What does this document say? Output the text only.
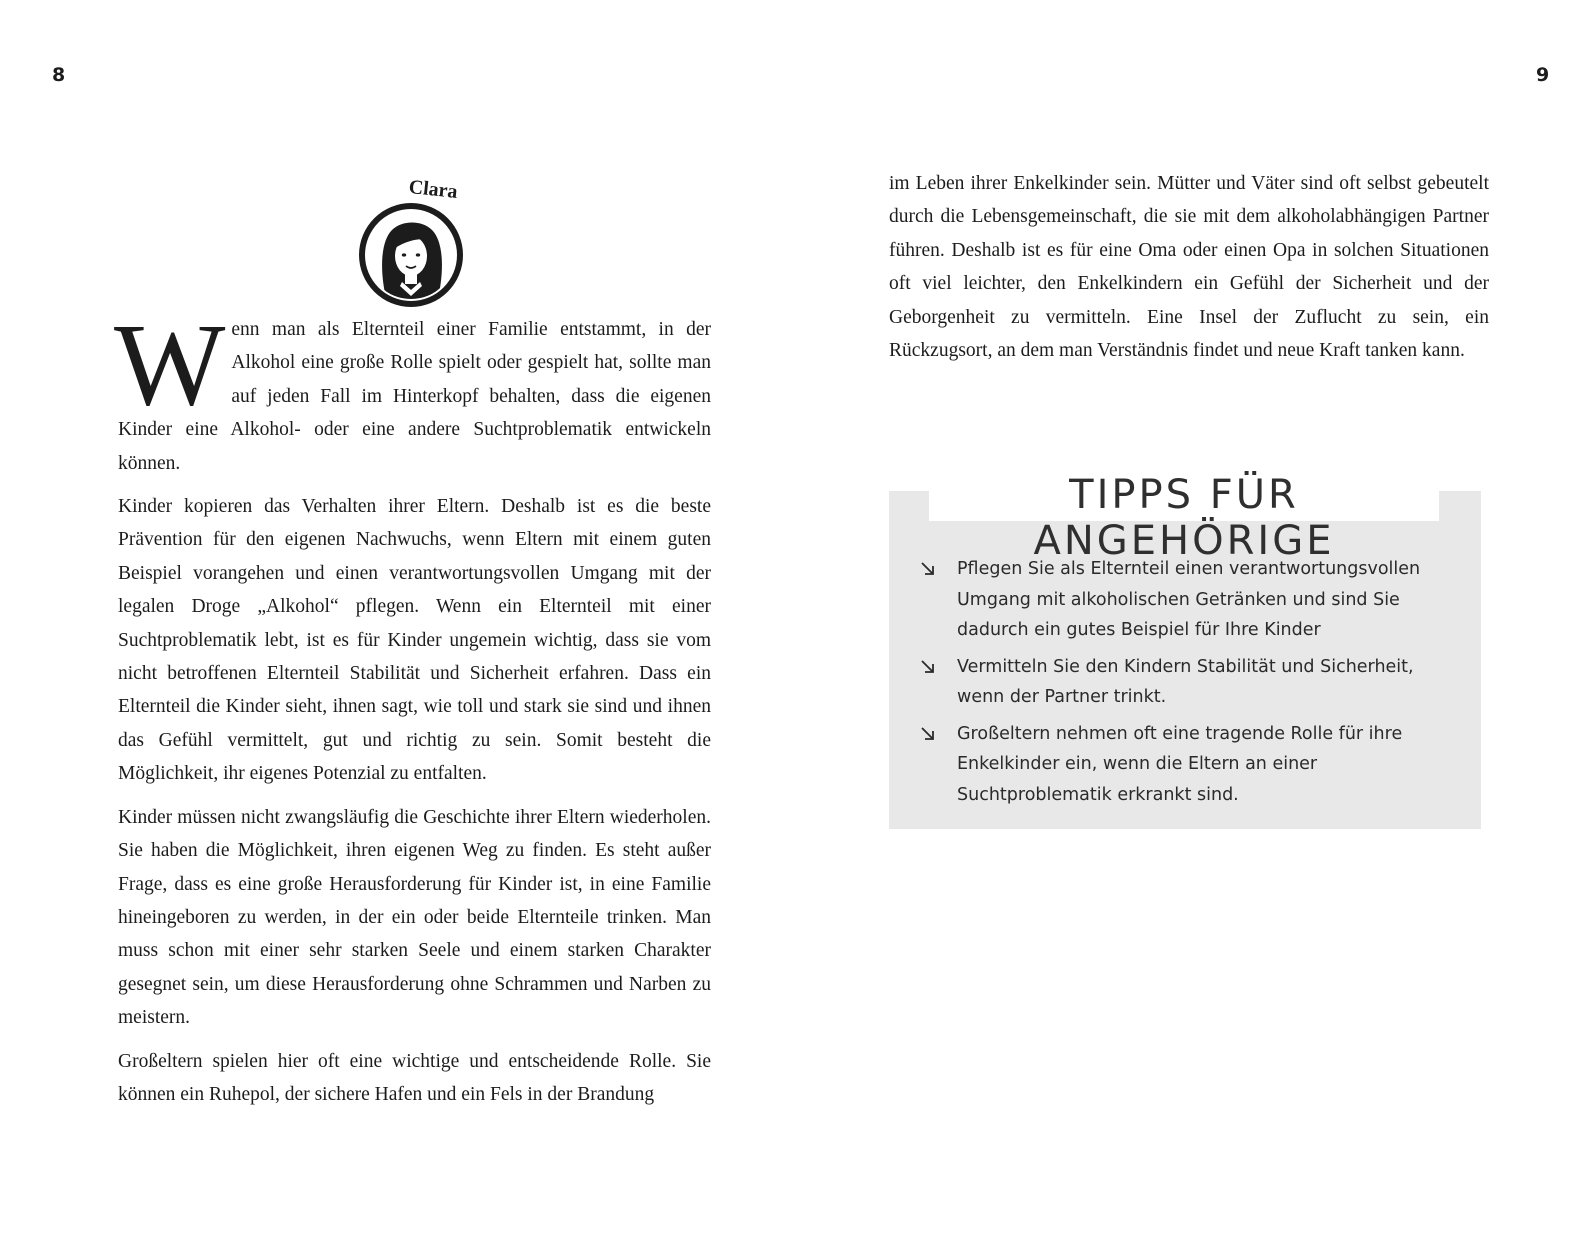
8	9
Clara

Wenn man als Elternteil einer Familie entstammt, in der Alkohol eine große Rolle spielt oder gespielt hat, sollte man auf jeden Fall im Hinterkopf behalten, dass die eigenen Kinder eine Alkohol- oder eine andere Suchtproblematik entwickeln können.

Kinder kopieren das Verhalten ihrer Eltern. Deshalb ist es die beste Prävention für den eigenen Nachwuchs, wenn Eltern mit einem guten Beispiel vorangehen und einen verantwortungsvollen Umgang mit der legalen Droge „Alkohol“ pflegen. Wenn ein Elternteil mit einer Suchtproblematik lebt, ist es für Kinder ungemein wichtig, dass sie vom nicht betroffenen Elternteil Stabilität und Sicherheit erfahren. Dass ein Elternteil die Kinder sieht, ihnen sagt, wie toll und stark sie sind und ihnen das Gefühl vermittelt, gut und richtig zu sein. Somit besteht die Möglichkeit, ihr eigenes Potenzial zu entfalten.

Kinder müssen nicht zwangsläufig die Geschichte ihrer Eltern wiederholen. Sie haben die Möglichkeit, ihren eigenen Weg zu finden. Es steht außer Frage, dass es eine große Herausforderung für Kinder ist, in eine Familie hineingeboren zu werden, in der ein oder beide Elternteile trinken. Man muss schon mit einer sehr starken Seele und einem starken Charakter gesegnet sein, um diese Herausforderung ohne Schrammen und Narben zu meistern.

Großeltern spielen hier oft eine wichtige und entscheidende Rolle. Sie können ein Ruhepol, der sichere Hafen und ein Fels in der Brandung

im Leben ihrer Enkelkinder sein. Mütter und Väter sind oft selbst gebeutelt durch die Lebensgemeinschaft, die sie mit dem alkoholabhängigen Partner führen. Deshalb ist es für eine Oma oder einen Opa in solchen Situationen oft viel leichter, den Enkelkindern ein Gefühl der Sicherheit und der Geborgenheit zu vermitteln. Eine Insel der Zuflucht zu sein, ein Rückzugsort, an dem man Verständnis findet und neue Kraft tanken kann.

TIPPS FÜR ANGEHÖRIGE
Pflegen Sie als Elternteil einen verantwortungsvollen Umgang mit alkoholischen Getränken und sind Sie dadurch ein gutes Beispiel für Ihre Kinder
Vermitteln Sie den Kindern Stabilität und Sicherheit, wenn der Partner trinkt.
Großeltern nehmen oft eine tragende Rolle für ihre Enkelkinder ein, wenn die Eltern an einer Suchtproblematik erkrankt sind.
